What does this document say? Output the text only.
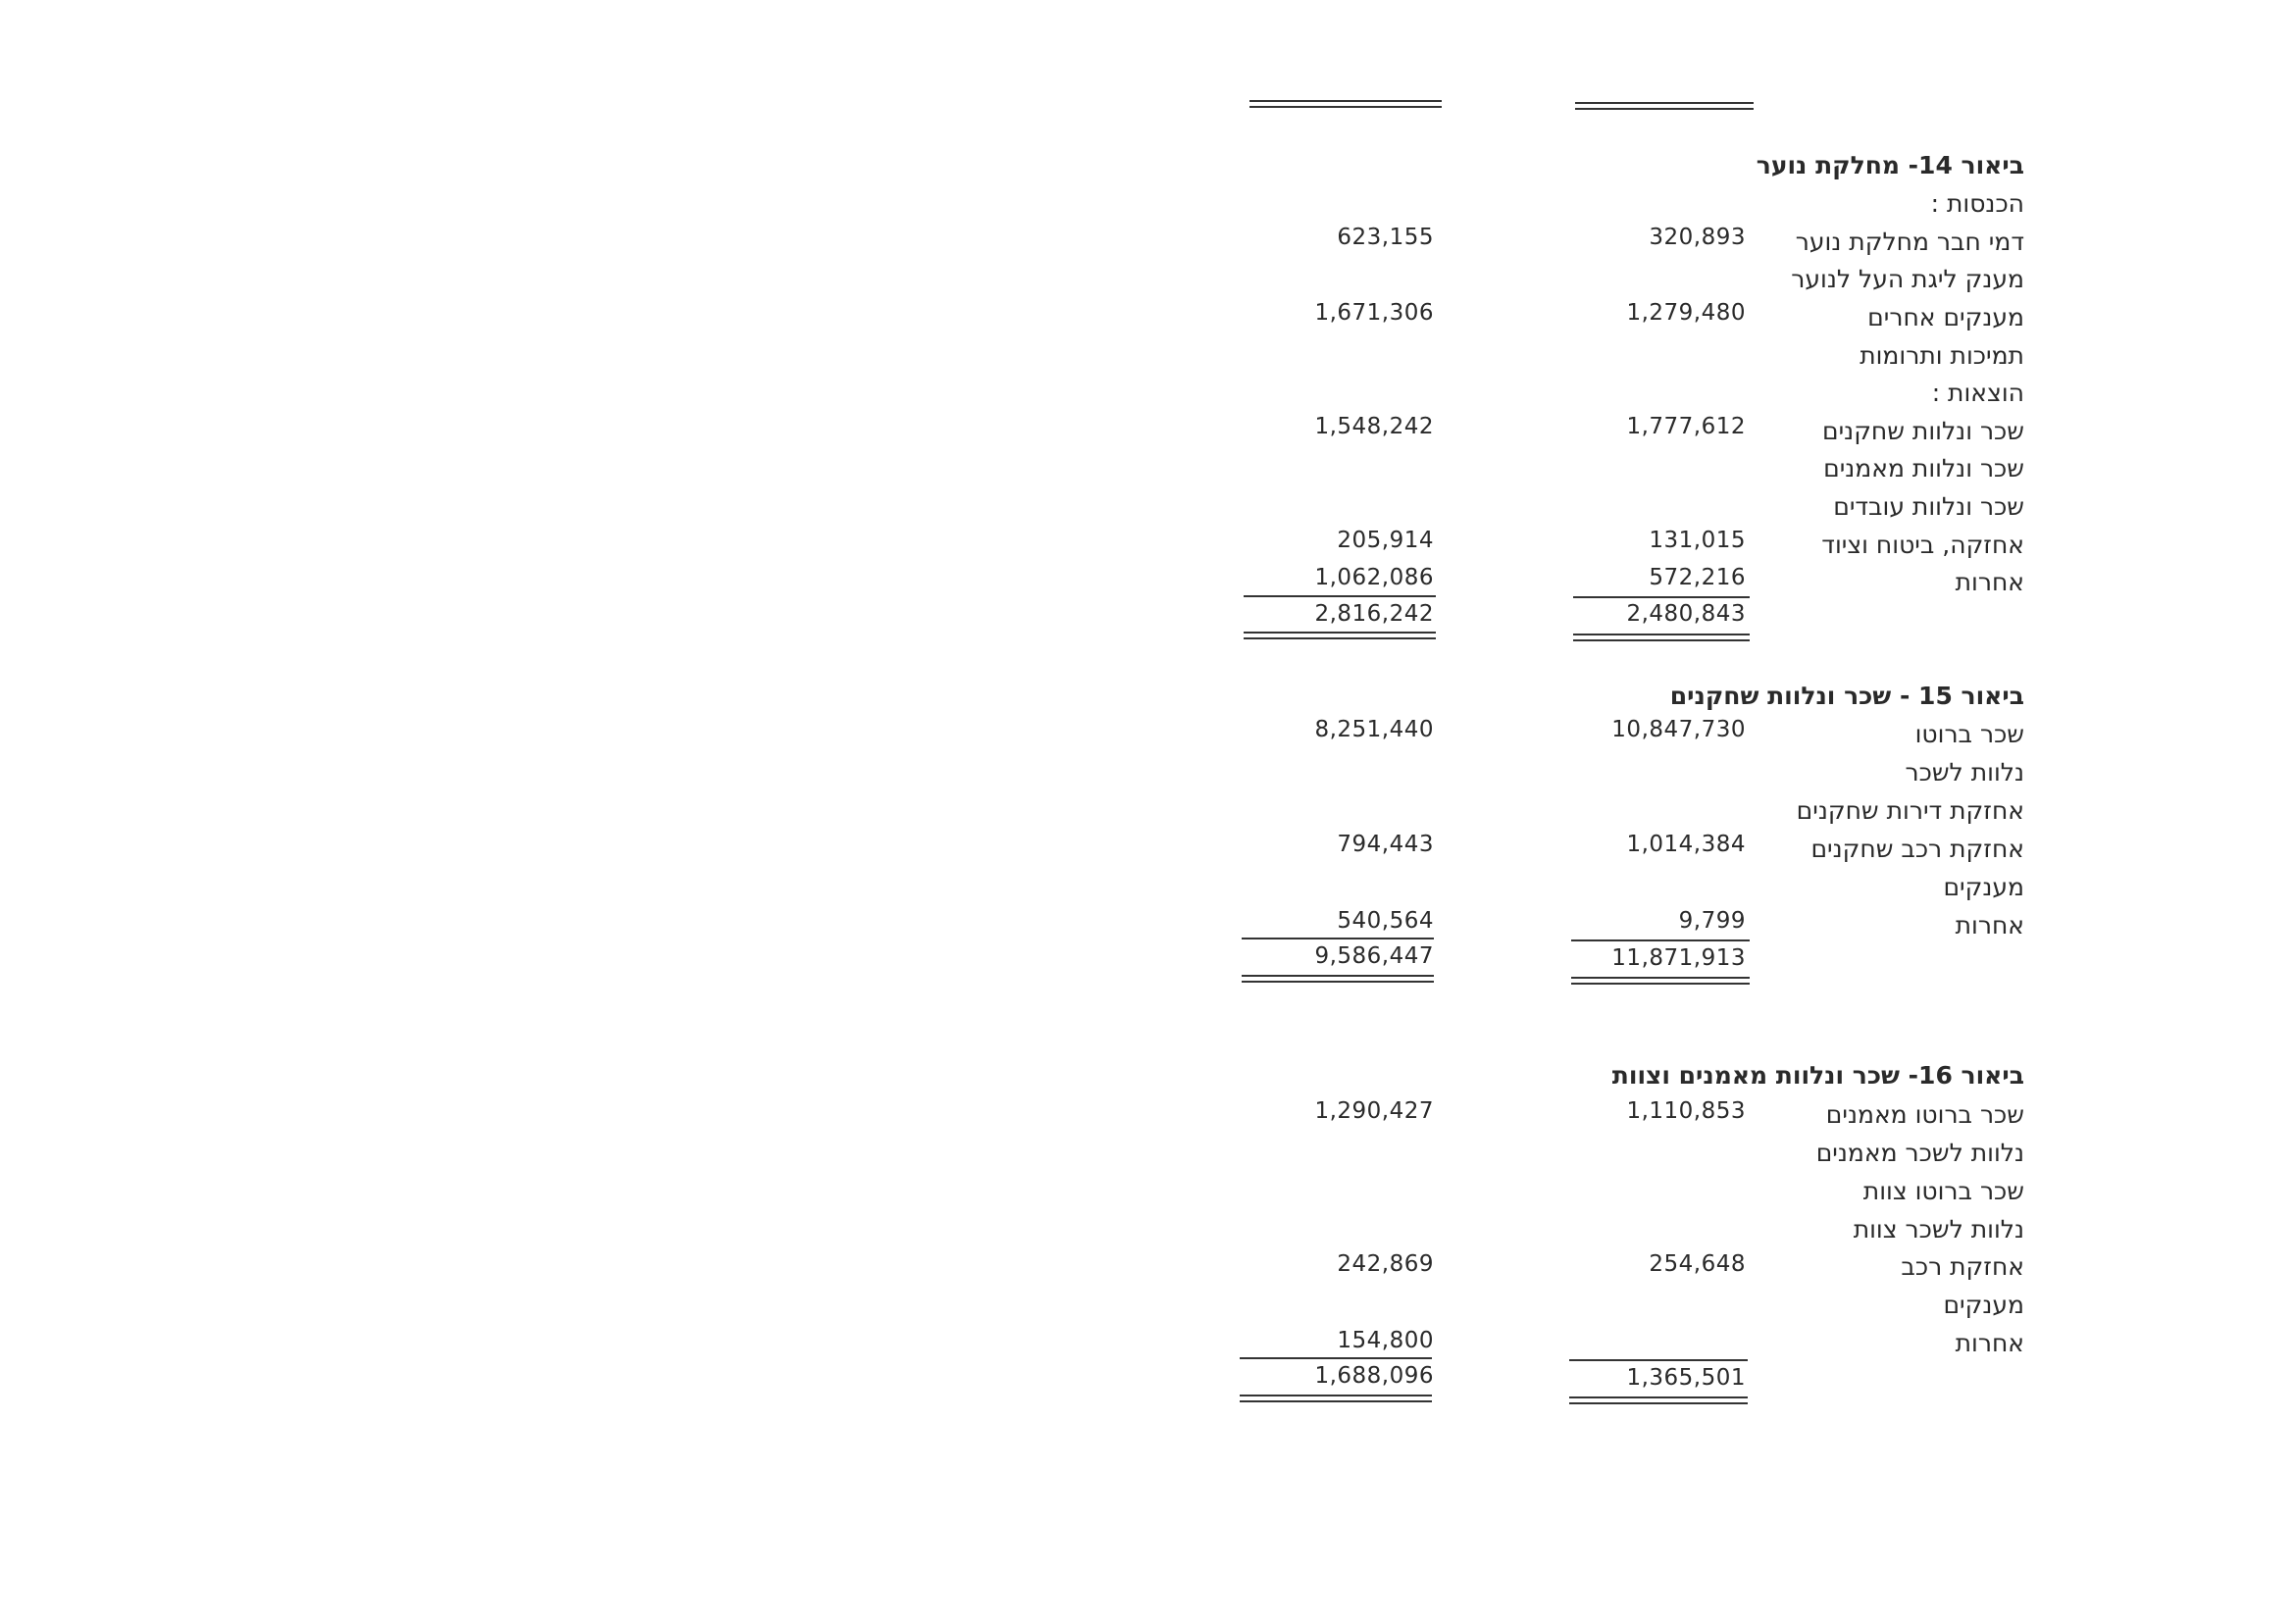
ביאור 14- מחלקת נוער
הכנסות :
דמי חבר מחלקת נוער
320,893
623,155
מענק ליגת העל לנוער
מענקים אחרים
1,279,480
1,671,306
תמיכות ותרומות
הוצאות :
שכר ונלוות שחקנים
1,777,612
1,548,242
שכר ונלוות מאמנים
שכר ונלוות עובדים
אחזקה, ביטוח וציוד
131,015
205,914
אחרות
572,216
1,062,086
2,480,843
2,816,242
ביאור 15 - שכר ונלוות שחקנים
שכר ברוטו
10,847,730
8,251,440
נלוות לשכר
אחזקת דירות שחקנים
אחזקת רכב שחקנים
1,014,384
794,443
מענקים
אחרות
9,799
540,564
11,871,913
9,586,447
ביאור 16- שכר ונלוות מאמנים וצוות
שכר ברוטו מאמנים
1,110,853
1,290,427
נלוות לשכר מאמנים
שכר ברוטו צוות
נלוות לשכר צוות
אחזקת רכב
254,648
242,869
מענקים
אחרות
154,800
1,365,501
1,688,096
